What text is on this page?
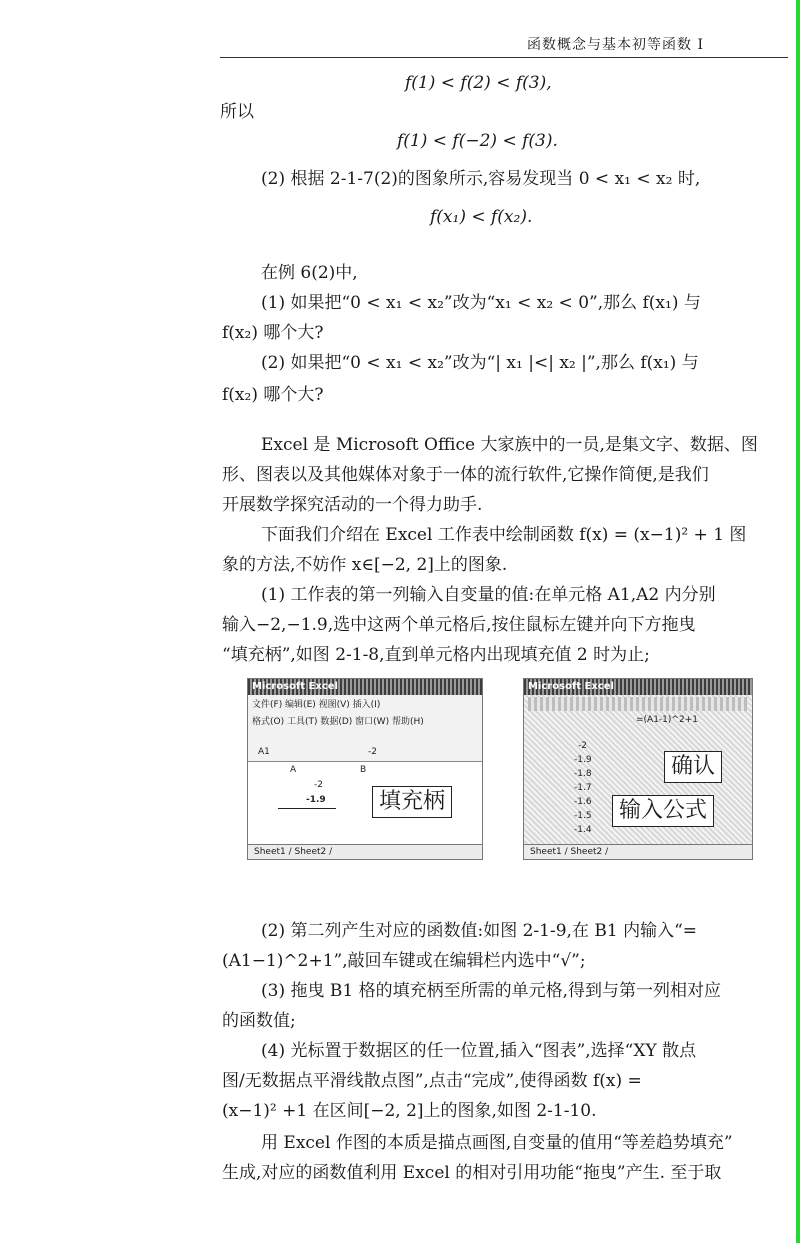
函数概念与基本初等函数 I
f(1) < f(2) < f(3),
所以
f(1) < f(−2) < f(3).
(2) 根据 2-1-7(2)的图象所示,容易发现当 0 < x₁ < x₂ 时,
f(x₁) < f(x₂).
在例 6(2)中,
(1) 如果把“0 < x₁ < x₂”改为“x₁ < x₂ < 0”,那么 f(x₁) 与
f(x₂) 哪个大?
(2) 如果把“0 < x₁ < x₂”改为“| x₁ |<| x₂ |”,那么 f(x₁) 与
f(x₂) 哪个大?
Excel 是 Microsoft Office 大家族中的一员,是集文字、数据、图
形、图表以及其他媒体对象于一体的流行软件,它操作简便,是我们
开展数学探究活动的一个得力助手.
下面我们介绍在 Excel 工作表中绘制函数 f(x) = (x−1)² + 1 图
象的方法,不妨作 x∈[−2, 2]上的图象.
(1) 工作表的第一列输入自变量的值:在单元格 A1,A2 内分别
输入−2,−1.9,选中这两个单元格后,按住鼠标左键并向下方拖曳
“填充柄”,如图 2-1-8,直到单元格内出现填充值 2 时为止;
Microsoft Excel
文件(F) 编辑(E) 视图(V) 插入(I)
格式(O) 工具(T) 数据(D) 窗口(W) 帮助(H)
A1	-2
A	B
-2
-1.9	填充柄
Sheet1 / Sheet2 /
Microsoft Excel
=(A1-1)^2+1
-2
-1.9
-1.8
-1.7
-1.6
-1.5
-1.4
确认
输入公式
Sheet1 / Sheet2 /
(2) 第二列产生对应的函数值:如图 2-1-9,在 B1 内输入“=
(A1−1)^2+1”,敲回车键或在编辑栏内选中“√”;
(3) 拖曳 B1 格的填充柄至所需的单元格,得到与第一列相对应
的函数值;
(4) 光标置于数据区的任一位置,插入“图表”,选择“XY 散点
图/无数据点平滑线散点图”,点击“完成”,使得函数 f(x) =
(x−1)² +1 在区间[−2, 2]上的图象,如图 2-1-10.
用 Excel 作图的本质是描点画图,自变量的值用“等差趋势填充”
生成,对应的函数值利用 Excel 的相对引用功能“拖曳”产生. 至于取
